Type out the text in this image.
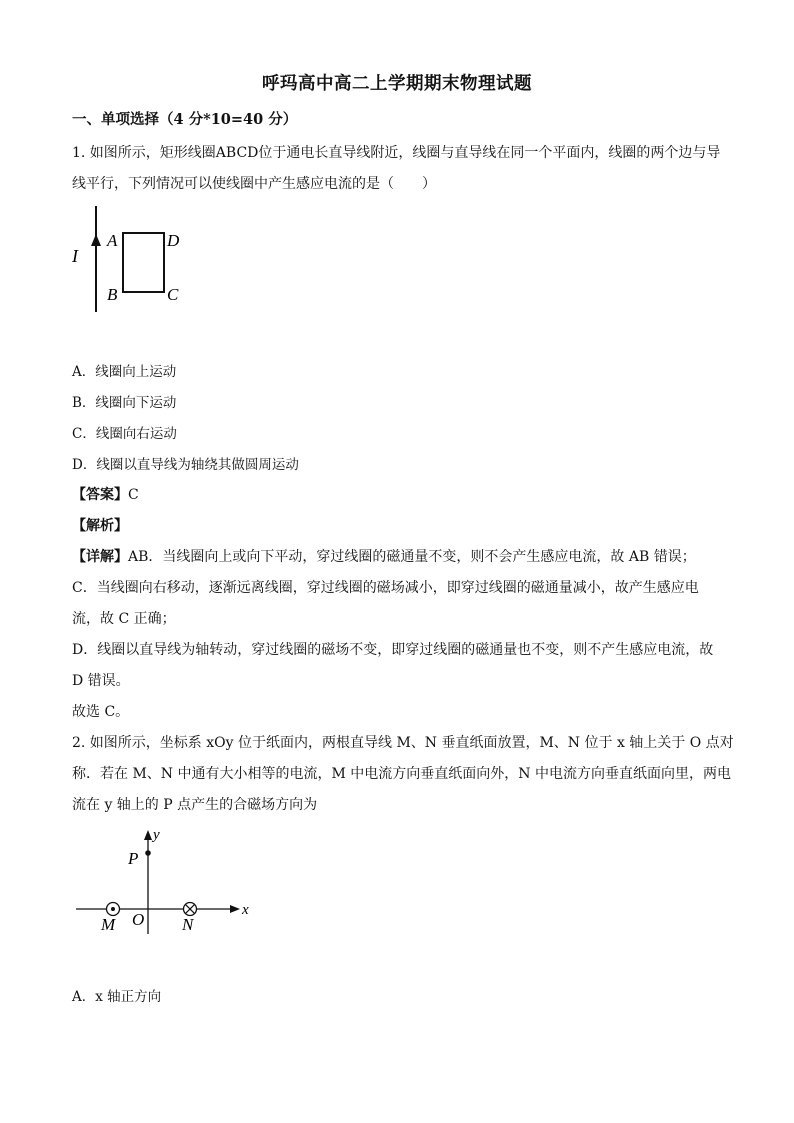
呼玛高中高二上学期期末物理试题
一、单项选择（4 分*10=40 分）
1. 如图所示，矩形线圈ABCD位于通电长直导线附近，线圈与直导线在同一个平面内，线圈的两个边与导
线平行，下列情况可以使线圈中产生感应电流的是（　　）
I
A	D
B	C
A．线圈向上运动
B．线圈向下运动
C．线圈向右运动
D．线圈以直导线为轴绕其做圆周运动
【答案】C
【解析】
【详解】AB．当线圈向上或向下平动，穿过线圈的磁通量不变，则不会产生感应电流，故 AB 错误；
C．当线圈向右移动，逐渐远离线圈，穿过线圈的磁场减小，即穿过线圈的磁通量减小，故产生感应电
流，故 C 正确；
D．线圈以直导线为轴转动，穿过线圈的磁场不变，即穿过线圈的磁通量也不变，则不产生感应电流，故
D 错误。
故选 C。
2. 如图所示，坐标系 xOy 位于纸面内，两根直导线 M、N 垂直纸面放置，M、N 位于 x 轴上关于 O 点对
称．若在 M、N 中通有大小相等的电流，M 中电流方向垂直纸面向外，N 中电流方向垂直纸面向里，两电
流在 y 轴上的 P 点产生的合磁场方向为
P
y
x
O
M	N
A．x 轴正方向
